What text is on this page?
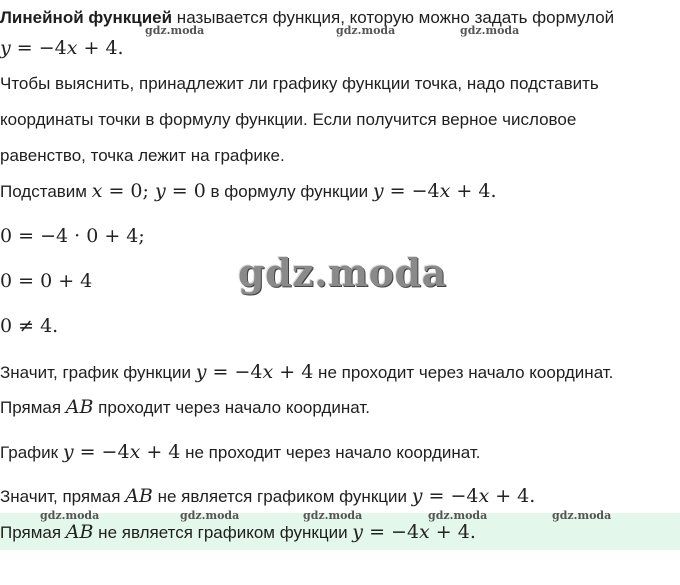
Линейной функцией называется функция, которую можно задать формулой
y = −4x + 4.
Чтобы выяснить, принадлежит ли графику функции точка, надо подставить
координаты точки в формулу функции. Если получится верное числовое
равенство, точка лежит на графике.
Подставим x = 0; y = 0 в формулу функции y = −4x + 4.
0 = −4 · 0 + 4;
0 = 0 + 4
0 ≠ 4.
Значит, график функции y = −4x + 4 не проходит через начало координат.
Прямая AB проходит через начало координат.
График y = −4x + 4 не проходит через начало координат.
Значит, прямая AB не является графиком функции y = −4x + 4.
Прямая AB не является графиком функции y = −4x + 4.
gdz.moda	gdz.moda	gdz.moda
gdz.moda
gdz.moda	gdz.moda	gdz.moda	gdz.moda	gdz.moda
